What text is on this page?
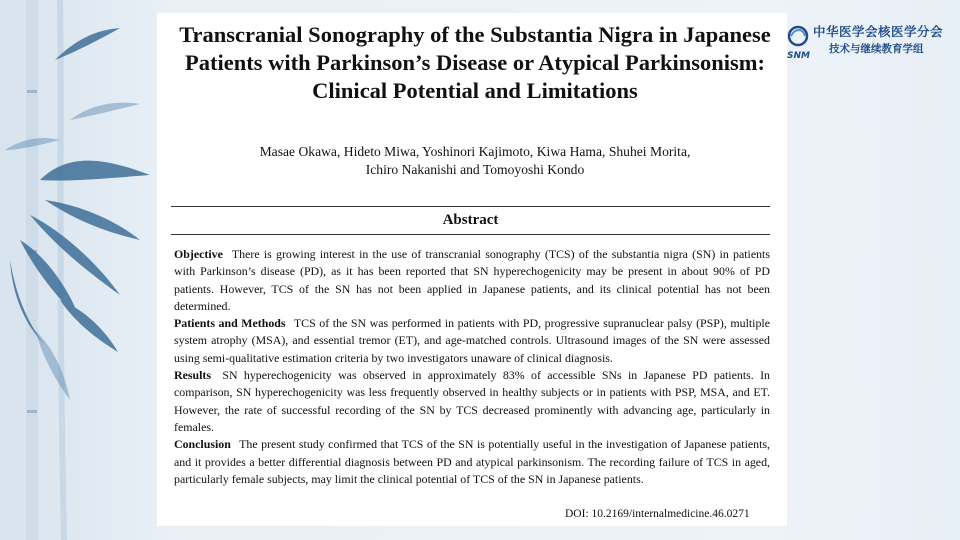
Transcranial Sonography of the Substantia Nigra in Japanese Patients with Parkinson’s Disease or Atypical Parkinsonism: Clinical Potential and Limitations
Masae Okawa, Hideto Miwa, Yoshinori Kajimoto, Kiwa Hama, Shuhei Morita,
Ichiro Nakanishi and Tomoyoshi Kondo
Abstract

Objective There is growing interest in the use of transcranial sonography (TCS) of the substantia nigra (SN) in patients with Parkinson’s disease (PD), as it has been reported that SN hyperechogenicity may be present in about 90% of PD patients. However, TCS of the SN has not been applied in Japanese patients, and its clinical potential has not been determined.

Patients and Methods TCS of the SN was performed in patients with PD, progressive supranuclear palsy (PSP), multiple system atrophy (MSA), and essential tremor (ET), and age-matched controls. Ultrasound images of the SN were assessed using semi-qualitative estimation criteria by two investigators unaware of clinical diagnosis.

Results SN hyperechogenicity was observed in approximately 83% of accessible SNs in Japanese PD patients. In comparison, SN hyperechogenicity was less frequently observed in healthy subjects or in patients with PSP, MSA, and ET. However, the rate of successful recording of the SN by TCS decreased prominently with advancing age, particularly in females.

Conclusion The present study confirmed that TCS of the SN is potentially useful in the investigation of Japanese patients, and it provides a better differential diagnosis between PD and atypical parkinsonism. The recording failure of TCS in aged, particularly female subjects, may limit the clinical potential of TCS of the SN in Japanese patients.

DOI: 10.2169/internalmedicine.46.0271
SNM
中华医学会核医学分会
技术与继续教育学组
